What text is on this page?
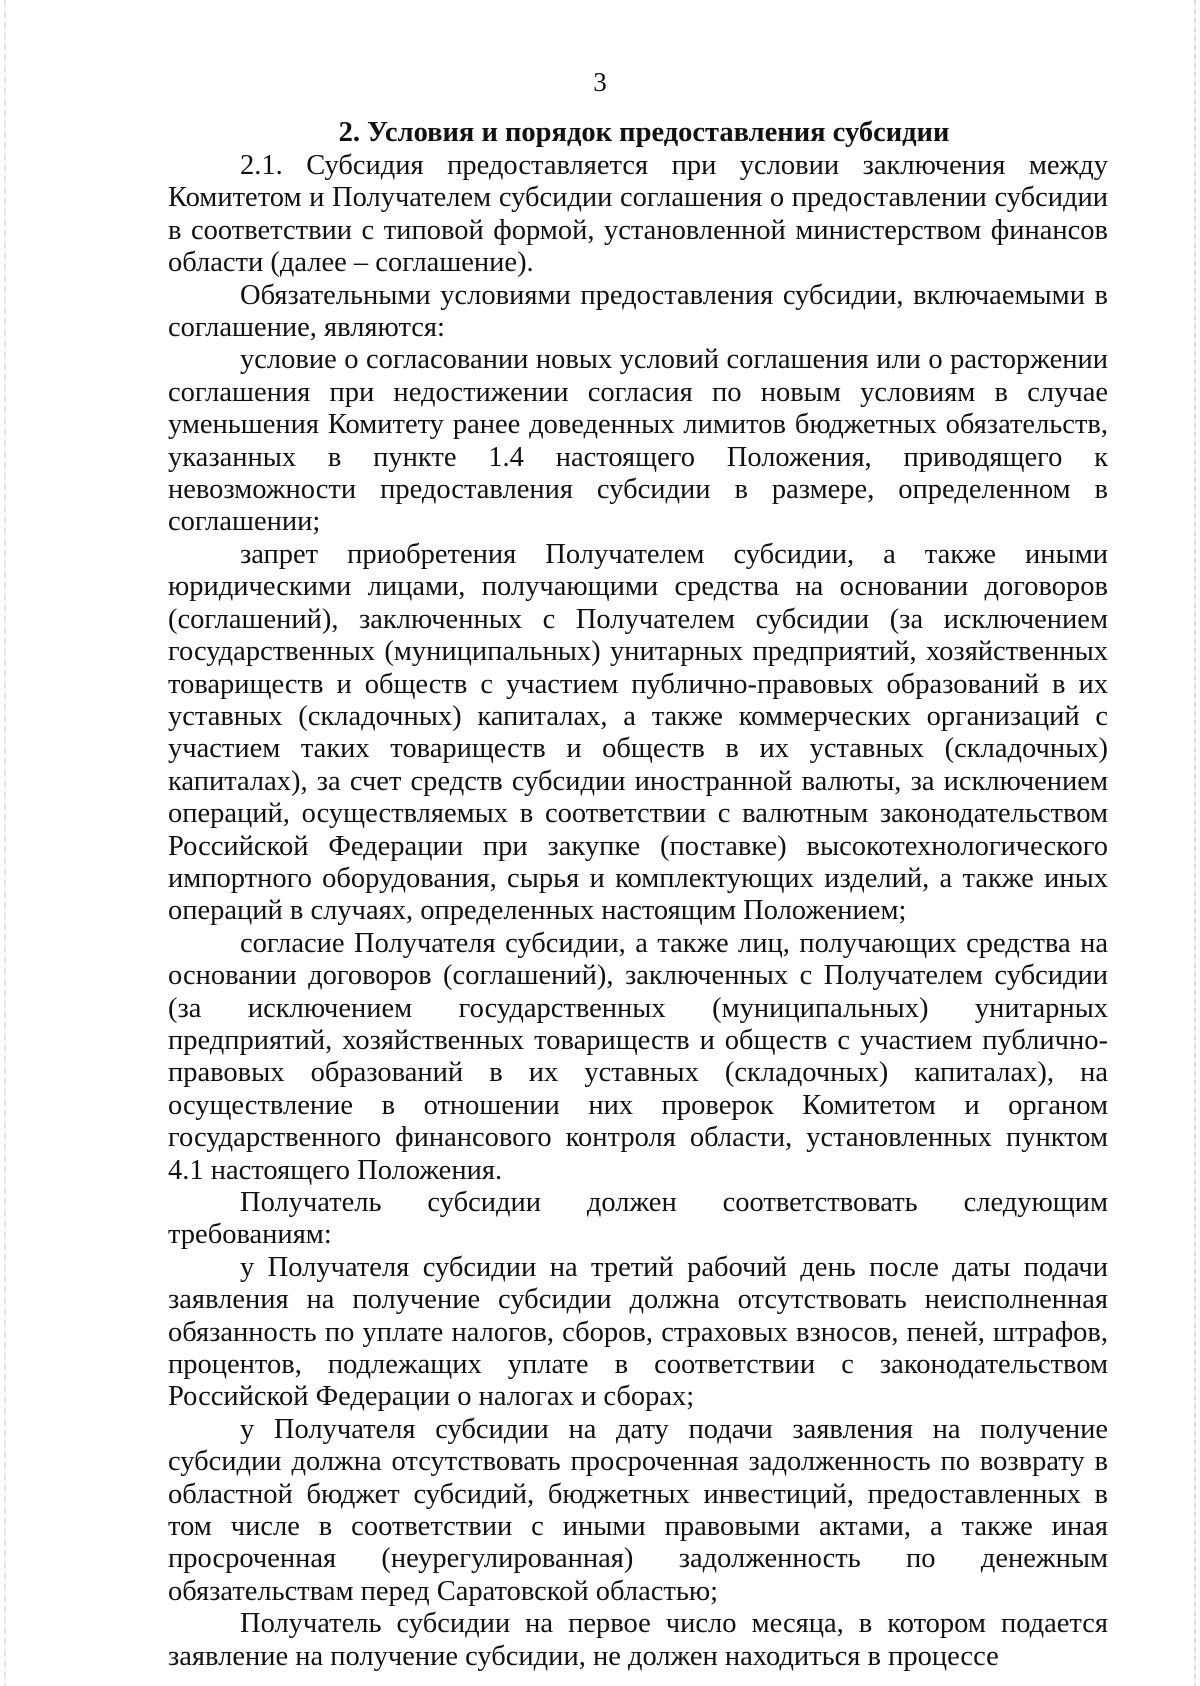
3

2. Условия и порядок предоставления субсидии

2.1. Субсидия предоставляется при условии заключения между Комитетом и Получателем субсидии соглашения о предоставлении субсидии в соответствии с типовой формой, установленной министерством финансов области (далее – соглашение).

Обязательными условиями предоставления субсидии, включаемыми в соглашение, являются:

условие о согласовании новых условий соглашения или о расторжении соглашения при недостижении согласия по новым условиям в случае уменьшения Комитету ранее доведенных лимитов бюджетных обязательств, указанных в пункте 1.4 настоящего Положения, приводящего к невозможности предоставления субсидии в размере, определенном в соглашении;

запрет приобретения Получателем субсидии, а также иными юридическими лицами, получающими средства на основании договоров (соглашений), заключенных с Получателем субсидии (за исключением государственных (муниципальных) унитарных предприятий, хозяйственных товариществ и обществ с участием публично-правовых образований в их уставных (складочных) капиталах, а также коммерческих организаций с участием таких товариществ и обществ в их уставных (складочных) капиталах), за счет средств субсидии иностранной валюты, за исключением операций, осуществляемых в соответствии с валютным законодательством Российской Федерации при закупке (поставке) высокотехнологического импортного оборудования, сырья и комплектующих изделий, а также иных операций в случаях, определенных настоящим Положением;

согласие Получателя субсидии, а также лиц, получающих средства на основании договоров (соглашений), заключенных с Получателем субсидии (за исключением государственных (муниципальных) унитарных предприятий, хозяйственных товариществ и обществ с участием публично-правовых образований в их уставных (складочных) капиталах), на осуществление в отношении них проверок Комитетом и органом государственного финансового контроля области, установленных пунктом 4.1 настоящего Положения.

Получатель субсидии должен соответствовать следующим требованиям:

у Получателя субсидии на третий рабочий день после даты подачи заявления на получение субсидии должна отсутствовать неисполненная обязанность по уплате налогов, сборов, страховых взносов, пеней, штрафов, процентов, подлежащих уплате в соответствии с законодательством Российской Федерации о налогах и сборах;

у Получателя субсидии на дату подачи заявления на получение субсидии должна отсутствовать просроченная задолженность по возврату в областной бюджет субсидий, бюджетных инвестиций, предоставленных в том числе в соответствии с иными правовыми актами, а также иная просроченная (неурегулированная) задолженность по денежным обязательствам перед Саратовской областью;

Получатель субсидии на первое число месяца, в котором подается заявление на получение субсидии, не должен находиться в процессе
